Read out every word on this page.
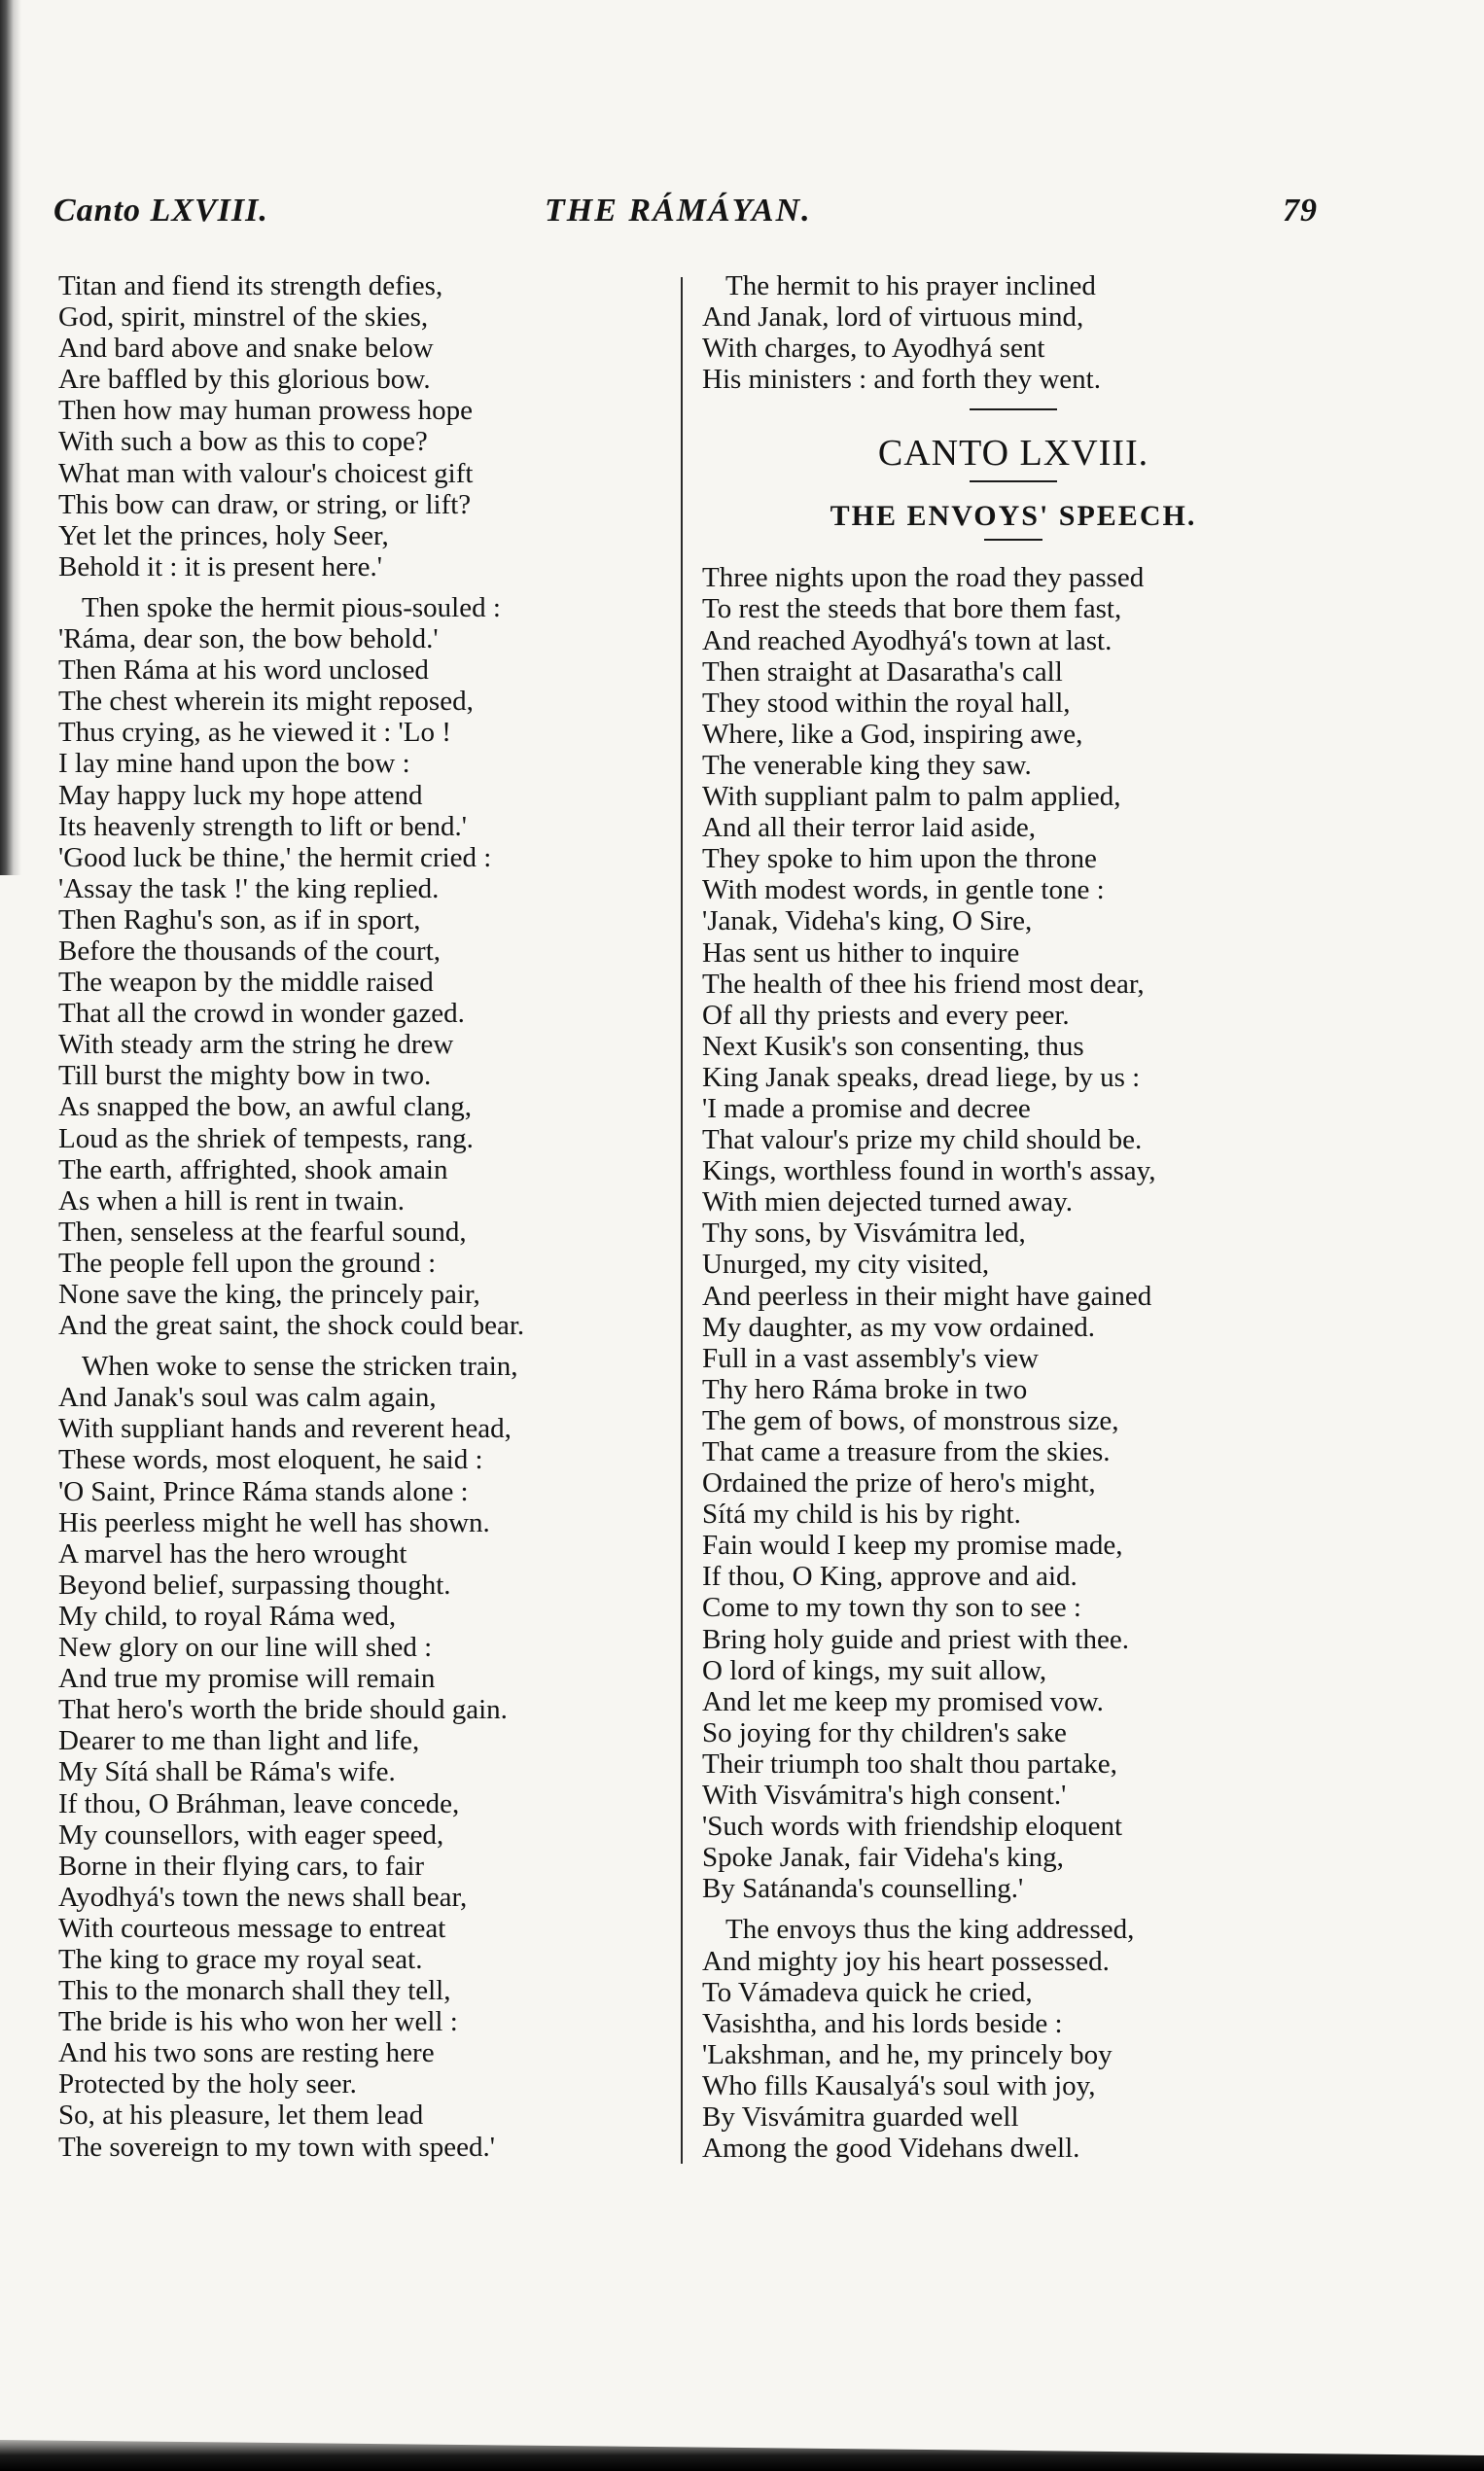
Canto LXVIII.	THE RÁMÁYAN.	79
Titan and fiend its strength defies,
God, spirit, minstrel of the skies,
And bard above and snake below
Are baffled by this glorious bow.
Then how may human prowess hope
With such a bow as this to cope?
What man with valour's choicest gift
This bow can draw, or string, or lift?
Yet let the princes, holy Seer,
Behold it : it is present here.'
Then spoke the hermit pious-souled :
'Ráma, dear son, the bow behold.'
Then Ráma at his word unclosed
The chest wherein its might reposed,
Thus crying, as he viewed it : 'Lo !
I lay mine hand upon the bow :
May happy luck my hope attend
Its heavenly strength to lift or bend.'
'Good luck be thine,' the hermit cried :
'Assay the task !' the king replied.
Then Raghu's son, as if in sport,
Before the thousands of the court,
The weapon by the middle raised
That all the crowd in wonder gazed.
With steady arm the string he drew
Till burst the mighty bow in two.
As snapped the bow, an awful clang,
Loud as the shriek of tempests, rang.
The earth, affrighted, shook amain
As when a hill is rent in twain.
Then, senseless at the fearful sound,
The people fell upon the ground :
None save the king, the princely pair,
And the great saint, the shock could bear.
When woke to sense the stricken train,
And Janak's soul was calm again,
With suppliant hands and reverent head,
These words, most eloquent, he said :
'O Saint, Prince Ráma stands alone :
His peerless might he well has shown.
A marvel has the hero wrought
Beyond belief, surpassing thought.
My child, to royal Ráma wed,
New glory on our line will shed :
And true my promise will remain
That hero's worth the bride should gain.
Dearer to me than light and life,
My Sítá shall be Ráma's wife.
If thou, O Bráhman, leave concede,
My counsellors, with eager speed,
Borne in their flying cars, to fair
Ayodhyá's town the news shall bear,
With courteous message to entreat
The king to grace my royal seat.
This to the monarch shall they tell,
The bride is his who won her well :
And his two sons are resting here
Protected by the holy seer.
So, at his pleasure, let them lead
The sovereign to my town with speed.'
The hermit to his prayer inclined
And Janak, lord of virtuous mind,
With charges, to Ayodhyá sent
His ministers : and forth they went.
CANTO LXVIII.
THE ENVOYS' SPEECH.
Three nights upon the road they passed
To rest the steeds that bore them fast,
And reached Ayodhyá's town at last.
Then straight at Dasaratha's call
They stood within the royal hall,
Where, like a God, inspiring awe,
The venerable king they saw.
With suppliant palm to palm applied,
And all their terror laid aside,
They spoke to him upon the throne
With modest words, in gentle tone :
'Janak, Videha's king, O Sire,
Has sent us hither to inquire
The health of thee his friend most dear,
Of all thy priests and every peer.
Next Kusik's son consenting, thus
King Janak speaks, dread liege, by us :
'I made a promise and decree
That valour's prize my child should be.
Kings, worthless found in worth's assay,
With mien dejected turned away.
Thy sons, by Visvámitra led,
Unurged, my city visited,
And peerless in their might have gained
My daughter, as my vow ordained.
Full in a vast assembly's view
Thy hero Ráma broke in two
The gem of bows, of monstrous size,
That came a treasure from the skies.
Ordained the prize of hero's might,
Sítá my child is his by right.
Fain would I keep my promise made,
If thou, O King, approve and aid.
Come to my town thy son to see :
Bring holy guide and priest with thee.
O lord of kings, my suit allow,
And let me keep my promised vow.
So joying for thy children's sake
Their triumph too shalt thou partake,
With Visvámitra's high consent.'
'Such words with friendship eloquent
Spoke Janak, fair Videha's king,
By Satánanda's counselling.'
The envoys thus the king addressed,
And mighty joy his heart possessed.
To Vámadeva quick he cried,
Vasishtha, and his lords beside :
'Lakshman, and he, my princely boy
Who fills Kausalyá's soul with joy,
By Visvámitra guarded well
Among the good Videhans dwell.
